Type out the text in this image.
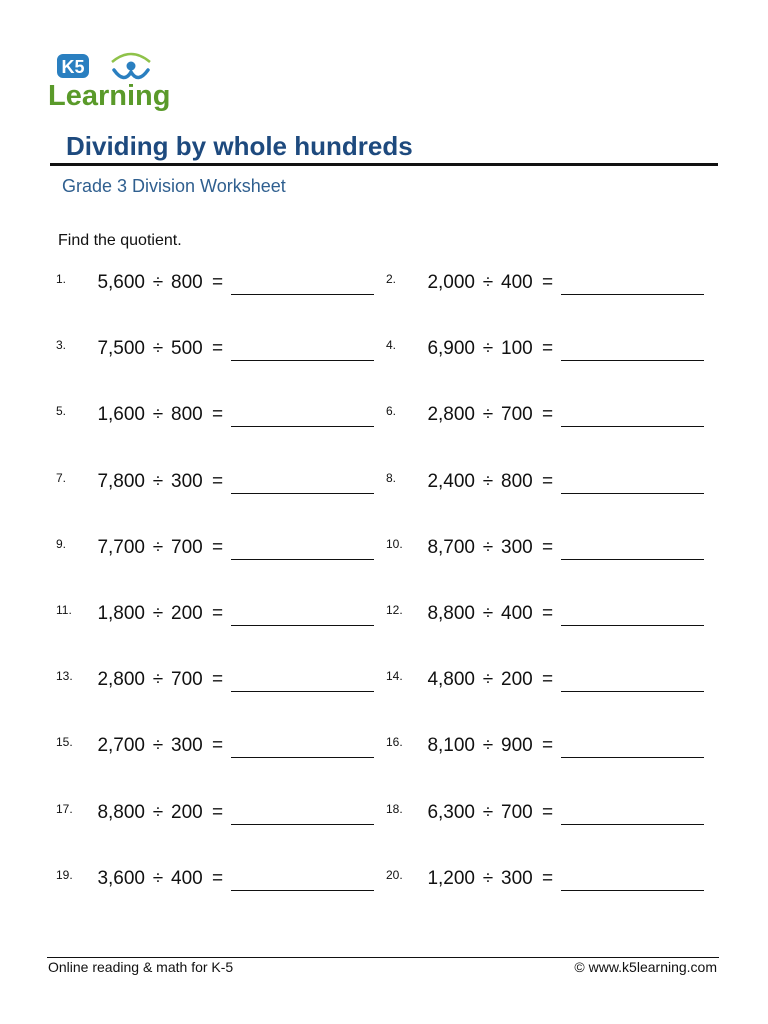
K5
Learning
Dividing by whole hundreds
Grade 3 Division Worksheet
Find the quotient.
1. 5,600 ÷ 800 =	2. 2,000 ÷ 400 =
3. 7,500 ÷ 500 =	4. 6,900 ÷ 100 =
5. 1,600 ÷ 800 =	6. 2,800 ÷ 700 =
7. 7,800 ÷ 300 =	8. 2,400 ÷ 800 =
9. 7,700 ÷ 700 =	10. 8,700 ÷ 300 =
11. 1,800 ÷ 200 =	12. 8,800 ÷ 400 =
13. 2,800 ÷ 700 =	14. 4,800 ÷ 200 =
15. 2,700 ÷ 300 =	16. 8,100 ÷ 900 =
17. 8,800 ÷ 200 =	18. 6,300 ÷ 700 =
19. 3,600 ÷ 400 =	20. 1,200 ÷ 300 =
Online reading & math for K-5	© www.k5learning.com
